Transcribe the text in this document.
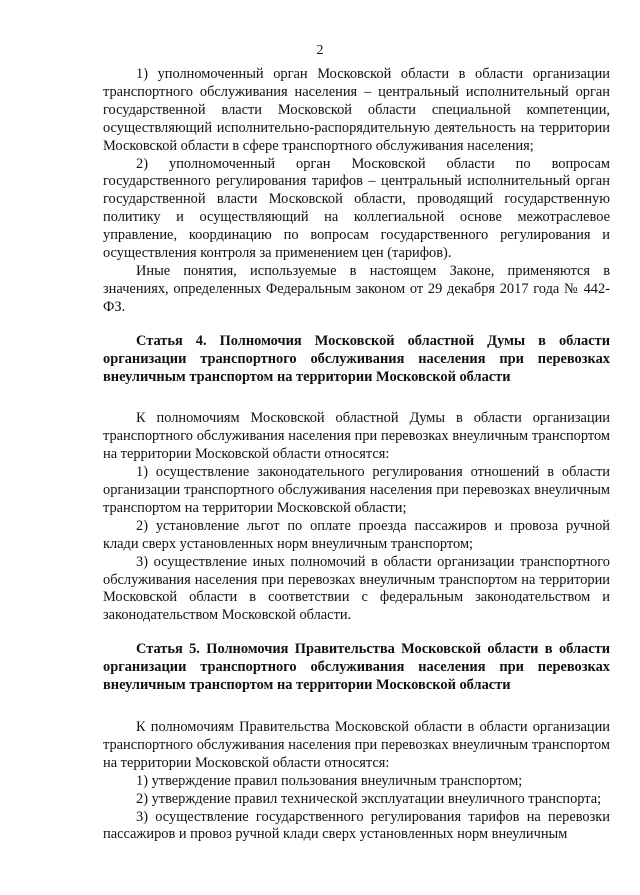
2

1) уполномоченный орган Московской области в области организации транспортного обслуживания населения – центральный исполнительный орган государственной власти Московской области специальной компетенции, осуществляющий исполнительно-распорядительную деятельность на территории Московской области в сфере транспортного обслуживания населения;

2) уполномоченный орган Московской области по вопросам государственного регулирования тарифов – центральный исполнительный орган государственной власти Московской области, проводящий государственную политику и осуществляющий на коллегиальной основе межотраслевое управление, координацию по вопросам государственного регулирования и осуществления контроля за применением цен (тарифов).

Иные понятия, используемые в настоящем Законе, применяются в значениях, определенных Федеральным законом от 29 декабря 2017 года № 442-ФЗ.

Статья 4. Полномочия Московской областной Думы в области организации транспортного обслуживания населения при перевозках внеуличным транспортом на территории Московской области

К полномочиям Московской областной Думы в области организации транспортного обслуживания населения при перевозках внеуличным транспортом на территории Московской области относятся:

1) осуществление законодательного регулирования отношений в области организации транспортного обслуживания населения при перевозках внеуличным транспортом на территории Московской области;

2) установление льгот по оплате проезда пассажиров и провоза ручной клади сверх установленных норм внеуличным транспортом;

3) осуществление иных полномочий в области организации транспортного обслуживания населения при перевозках внеуличным транспортом на территории Московской области в соответствии с федеральным законодательством и законодательством Московской области.

Статья 5. Полномочия Правительства Московской области в области организации транспортного обслуживания населения при перевозках внеуличным транспортом на территории Московской области

К полномочиям Правительства Московской области в области организации транспортного обслуживания населения при перевозках внеуличным транспортом на территории Московской области относятся:

1) утверждение правил пользования внеуличным транспортом;

2) утверждение правил технической эксплуатации внеуличного транспорта;

3) осуществление государственного регулирования тарифов на перевозки пассажиров и провоз ручной клади сверх установленных норм внеуличным
